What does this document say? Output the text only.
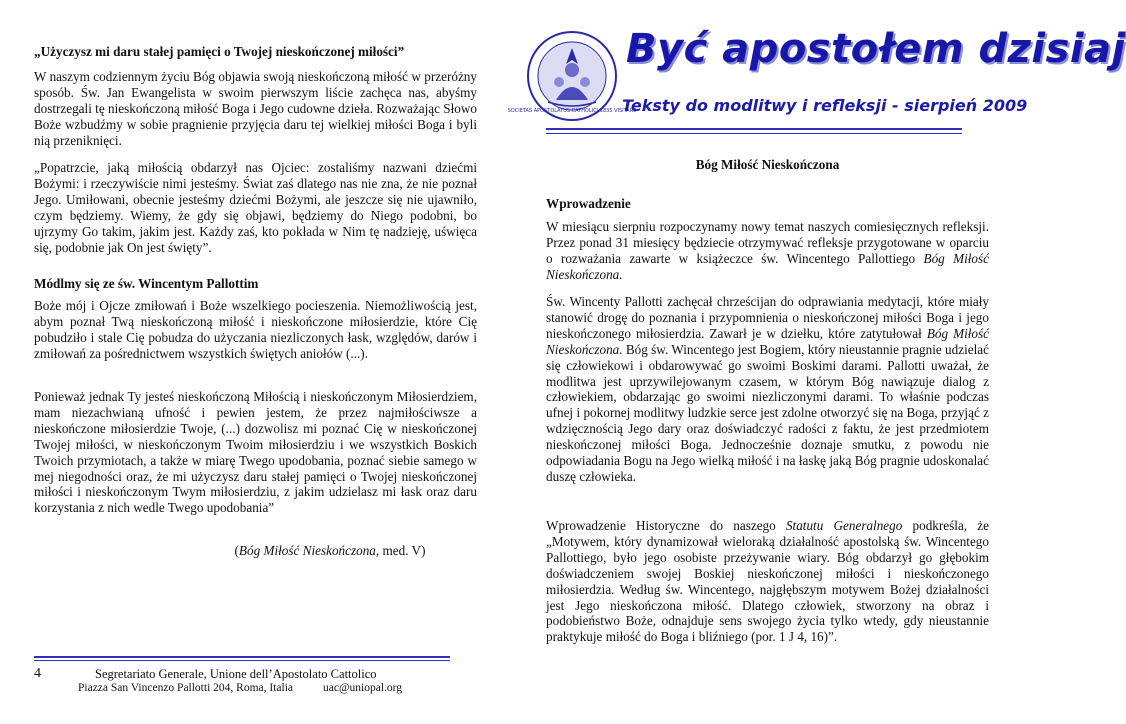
„Użyczysz mi daru stałej pamięci o Twojej nieskończonej miłości”

W naszym codziennym życiu Bóg objawia swoją nieskończoną miłość w przeróżny sposób. Św. Jan Ewangelista w swoim pierwszym liście zachęca nas, abyśmy dostrzegali tę nieskończoną miłość Boga i Jego cudowne dzieła. Rozważając Słowo Boże wzbudźmy w sobie pragnienie przyjęcia daru tej wielkiej miłości Boga i byli nią przeniknięci.

„Popatrzcie, jaką miłością obdarzył nas Ojciec: zostaliśmy nazwani dziećmi Bożymi: i rzeczywiście nimi jesteśmy. Świat zaś dlatego nas nie zna, że nie poznał Jego. Umiłowani, obecnie jesteśmy dziećmi Bożymi, ale jeszcze się nie ujawniło, czym będziemy. Wiemy, że gdy się objawi, będziemy do Niego podobni, bo ujrzymy Go takim, jakim jest. Każdy zaś, kto pokłada w Nim tę nadzieję, uświęca się, podobnie jak On jest święty”.

Módlmy się ze św. Wincentym Pallottim

Boże mój i Ojcze zmiłowań i Boże wszelkiego pocieszenia. Niemożliwością jest, abym poznał Twą nieskończoną miłość i nieskończone miłosierdzie, które Cię pobudziło i stale Cię pobudza do użyczania niezliczonych łask, względów, darów i zmiłowań za pośrednictwem wszystkich świętych aniołów (...).

Ponieważ jednak Ty jesteś nieskończoną Miłością i nieskończonym Miłosierdziem, mam niezachwianą ufność i pewien jestem, że przez najmiłościwsze a nieskończone miłosierdzie Twoje, (...) dozwolisz mi poznać Cię w nieskończonej Twojej miłości, w nieskończonym Twoim miłosierdziu i we wszystkich Boskich Twoich przymiotach, a także w miarę Twego upodobania, poznać siebie samego w mej niegodności oraz, że mi użyczysz daru stałej pamięci o Twojej nieskończonej miłości i nieskończonym Twym miłosierdziu, z jakim udzielasz mi łask oraz daru korzystania z nich wedle Twego upodobania”

(Bóg Miłość Nieskończona, med. V)

SOCIETAS APOSTOLATUS CATHOLICI 1835 VISITARE
Być apostołem dzisiaj
Teksty do modlitwy i refleksji - sierpień 2009
Bóg Miłość Nieskończona
Wprowadzenie

W miesiącu sierpniu rozpoczynamy nowy temat naszych comiesięcznych refleksji. Przez ponad 31 miesięcy będziecie otrzymywać refleksje przygotowane w oparciu o rozważania zawarte w książeczce św. Wincentego Pallottiego Bóg Miłość Nieskończona.

Św. Wincenty Pallotti zachęcał chrześcijan do odprawiania medytacji, które miały stanowić drogę do poznania i przypomnienia o nieskończonej miłości Boga i jego nieskończonego miłosierdzia. Zawarł je w dziełku, które zatytułował Bóg Miłość Nieskończona. Bóg św. Wincentego jest Bogiem, który nieustannie pragnie udzielać się człowiekowi i obdarowywać go swoimi Boskimi darami. Pallotti uważał, że modlitwa jest uprzywilejowanym czasem, w którym Bóg nawiązuje dialog z człowiekiem, obdarzając go swoimi niezliczonymi darami. To właśnie podczas ufnej i pokornej modlitwy ludzkie serce jest zdolne otworzyć się na Boga, przyjąć z wdzięcznością Jego dary oraz doświadczyć radości z faktu, że jest przedmiotem nieskończonej miłości Boga. Jednocześnie doznaje smutku, z powodu nie odpowiadania Bogu na Jego wielką miłość i na łaskę jaką Bóg pragnie udoskonalać duszę człowieka.

Wprowadzenie Historyczne do naszego Statutu Generalnego podkreśla, że „Motywem, który dynamizował wieloraką działalność apostolską św. Wincentego Pallottiego, było jego osobiste przeżywanie wiary. Bóg obdarzył go głębokim doświadczeniem swojej Boskiej nieskończonej miłości i nieskończonego miłosierdzia. Według św. Wincentego, najgłębszym motywem Bożej działalności jest Jego nieskończona miłość. Dlatego człowiek, stworzony na obraz i podobieństwo Boże, odnajduje sens swojego życia tylko wtedy, gdy nieustannie praktykuje miłość do Boga i bliźniego (por. 1 J 4, 16)”.

4	Segretariato Generale, Unione dell’Apostolato Cattolico
Piazza San Vincenzo Pallotti 204, Roma, Italia	uac@uniopal.org
